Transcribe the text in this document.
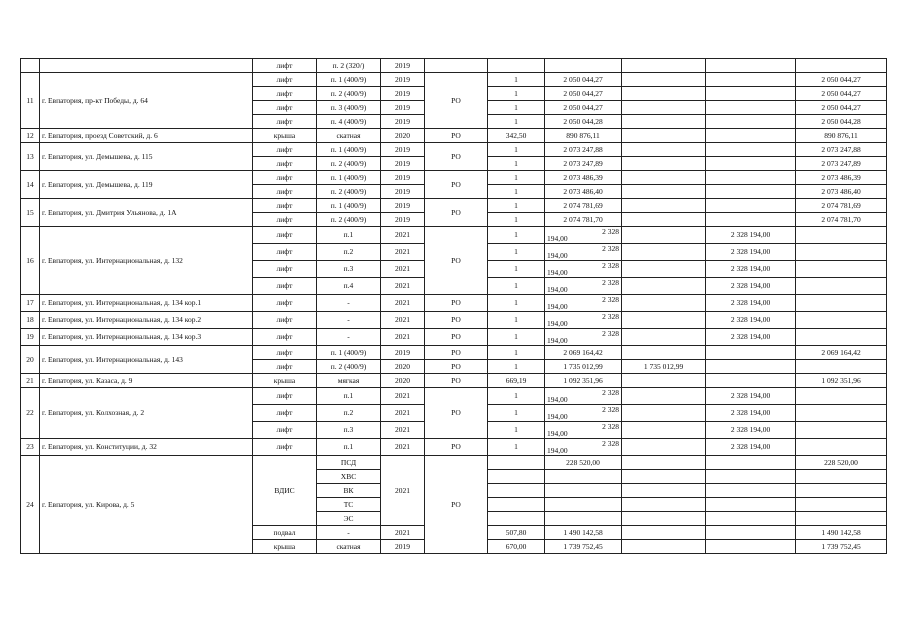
		лифт	п. 2 (320/)	2019						
11	г. Евпатория, пр-кт Победы, д. 64	лифт	п. 1 (400/9)	2019	РО	1	2 050 044,27			2 050 044,27
		лифт	п. 2 (400/9)	2019		1	2 050 044,27			2 050 044,27
		лифт	п. 3 (400/9)	2019		1	2 050 044,27			2 050 044,27
		лифт	п. 4 (400/9)	2019		1	2 050 044,28			2 050 044,28
12	г. Евпатория, проезд Советский, д. 6	крыша	скатная	2020	РО	342,50	890 876,11			890 876,11
13	г. Евпатория, ул. Демышева, д. 115	лифт	п. 1 (400/9)	2019	РО	1	2 073 247,88			2 073 247,88
		лифт	п. 2 (400/9)	2019		1	2 073 247,89			2 073 247,89
14	г. Евпатория, ул. Демышева, д. 119	лифт	п. 1 (400/9)	2019	РО	1	2 073 486,39			2 073 486,39
		лифт	п. 2 (400/9)	2019		1	2 073 486,40			2 073 486,40
15	г. Евпатория, ул. Дмитрия Ульянова, д. 1А	лифт	п. 1 (400/9)	2019	РО	1	2 074 781,69			2 074 781,69
		лифт	п. 2 (400/9)	2019		1	2 074 781,70			2 074 781,70
16	г. Евпатория, ул. Интернациональная, д. 132	лифт	п.1	2021	РО	1	2 328
194,00		2 328 194,00	
		лифт	п.2	2021		1	2 328
194,00		2 328 194,00	
		лифт	п.3	2021		1	2 328
194,00		2 328 194,00	
		лифт	п.4	2021		1	2 328
194,00		2 328 194,00	
17	г. Евпатория, ул. Интернациональная, д. 134 кор.1	лифт	-	2021	РО	1	2 328
194,00		2 328 194,00	
18	г. Евпатория, ул. Интернациональная, д. 134 кор.2	лифт	-	2021	РО	1	2 328
194,00		2 328 194,00	
19	г. Евпатория, ул. Интернациональная, д. 134 кор.3	лифт	-	2021	РО	1	2 328
194,00		2 328 194,00	
20	г. Евпатория, ул. Интернациональная, д. 143	лифт	п. 1 (400/9)	2019	РО	1	2 069 164,42			2 069 164,42
		лифт	п. 2 (400/9)	2020	РО	1	1 735 012,99	1 735 012,99		
21	г. Евпатория, ул. Казаса, д. 9	крыша	мягкая	2020	РО	669,19	1 092 351,96			1 092 351,96
22	г. Евпатория, ул. Колхозная, д. 2	лифт	п.1	2021	РО	1	2 328
194,00		2 328 194,00	
		лифт	п.2	2021		1	2 328
194,00		2 328 194,00	
		лифт	п.3	2021		1	2 328
194,00		2 328 194,00	
23	г. Евпатория, ул. Конституции, д. 32	лифт	п.1	2021	РО	1	2 328
194,00		2 328 194,00	
24	г. Евпатория, ул. Кирова, д. 5	ВДИС	ПСД	2021	РО		228 520,00			228 520,00
			ХВС							
			ВК							
			ТС							
			ЭС							
		подвал	-	2021		507,80	1 490 142,58			1 490 142,58
		крыша	скатная	2019		670,00	1 739 752,45			1 739 752,45
